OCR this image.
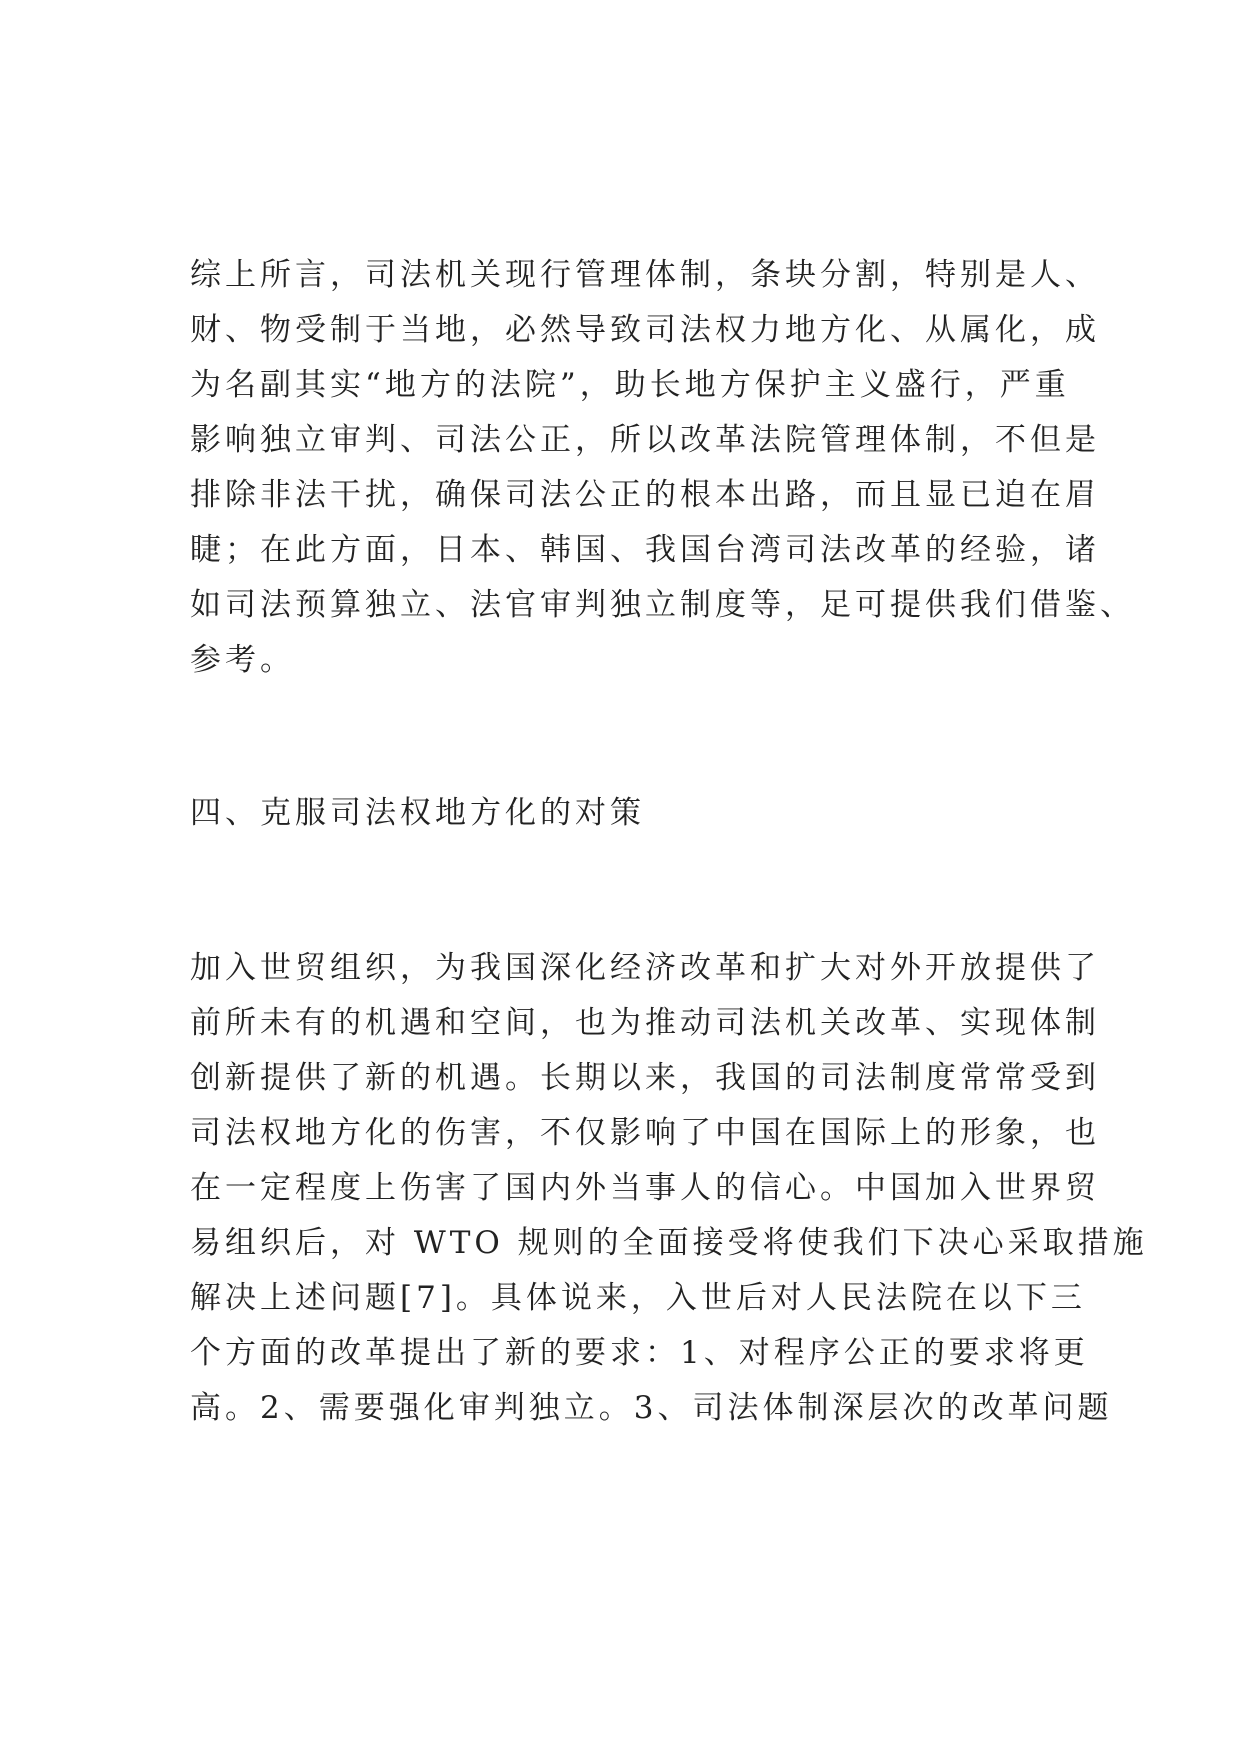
综上所言，司法机关现行管理体制，条块分割，特别是人、
财、物受制于当地，必然导致司法权力地方化、从属化，成
为名副其实“地方的法院”，助长地方保护主义盛行，严重
影响独立审判、司法公正，所以改革法院管理体制，不但是
排除非法干扰，确保司法公正的根本出路，而且显已迫在眉
睫；在此方面，日本、韩国、我国台湾司法改革的经验，诸
如司法预算独立、法官审判独立制度等，足可提供我们借鉴、
参考。
四、克服司法权地方化的对策
加入世贸组织，为我国深化经济改革和扩大对外开放提供了
前所未有的机遇和空间，也为推动司法机关改革、实现体制
创新提供了新的机遇。长期以来，我国的司法制度常常受到
司法权地方化的伤害，不仅影响了中国在国际上的形象，也
在一定程度上伤害了国内外当事人的信心。中国加入世界贸
易组织后，对 WTO 规则的全面接受将使我们下决心采取措施
解决上述问题[7]。具体说来，入世后对人民法院在以下三
个方面的改革提出了新的要求：1、对程序公正的要求将更
高。2、需要强化审判独立。3、司法体制深层次的改革问题
